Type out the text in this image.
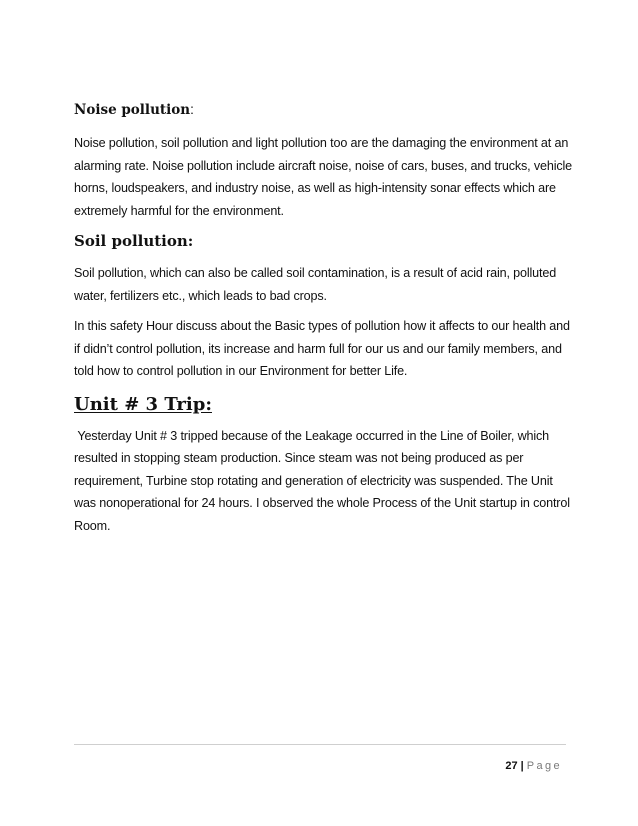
Noise pollution:

Noise pollution, soil pollution and light pollution too are the damaging the environment at an alarming rate. Noise pollution include aircraft noise, noise of cars, buses, and trucks, vehicle horns, loudspeakers, and industry noise, as well as high-intensity sonar effects which are extremely harmful for the environment.

Soil pollution:

Soil pollution, which can also be called soil contamination, is a result of acid rain, polluted water, fertilizers etc., which leads to bad crops.

In this safety Hour discuss about the Basic types of pollution how it affects to our health and if didn’t control pollution, its increase and harm full for our us and our family members, and told how to control pollution in our Environment for better Life.

Unit # 3 Trip:

Yesterday Unit # 3 tripped because of the Leakage occurred in the Line of Boiler, which resulted in stopping steam production. Since steam was not being produced as per requirement, Turbine stop rotating and generation of electricity was suspended. The Unit was nonoperational for 24 hours. I observed the whole Process of the Unit startup in control Room.

27 | Page
